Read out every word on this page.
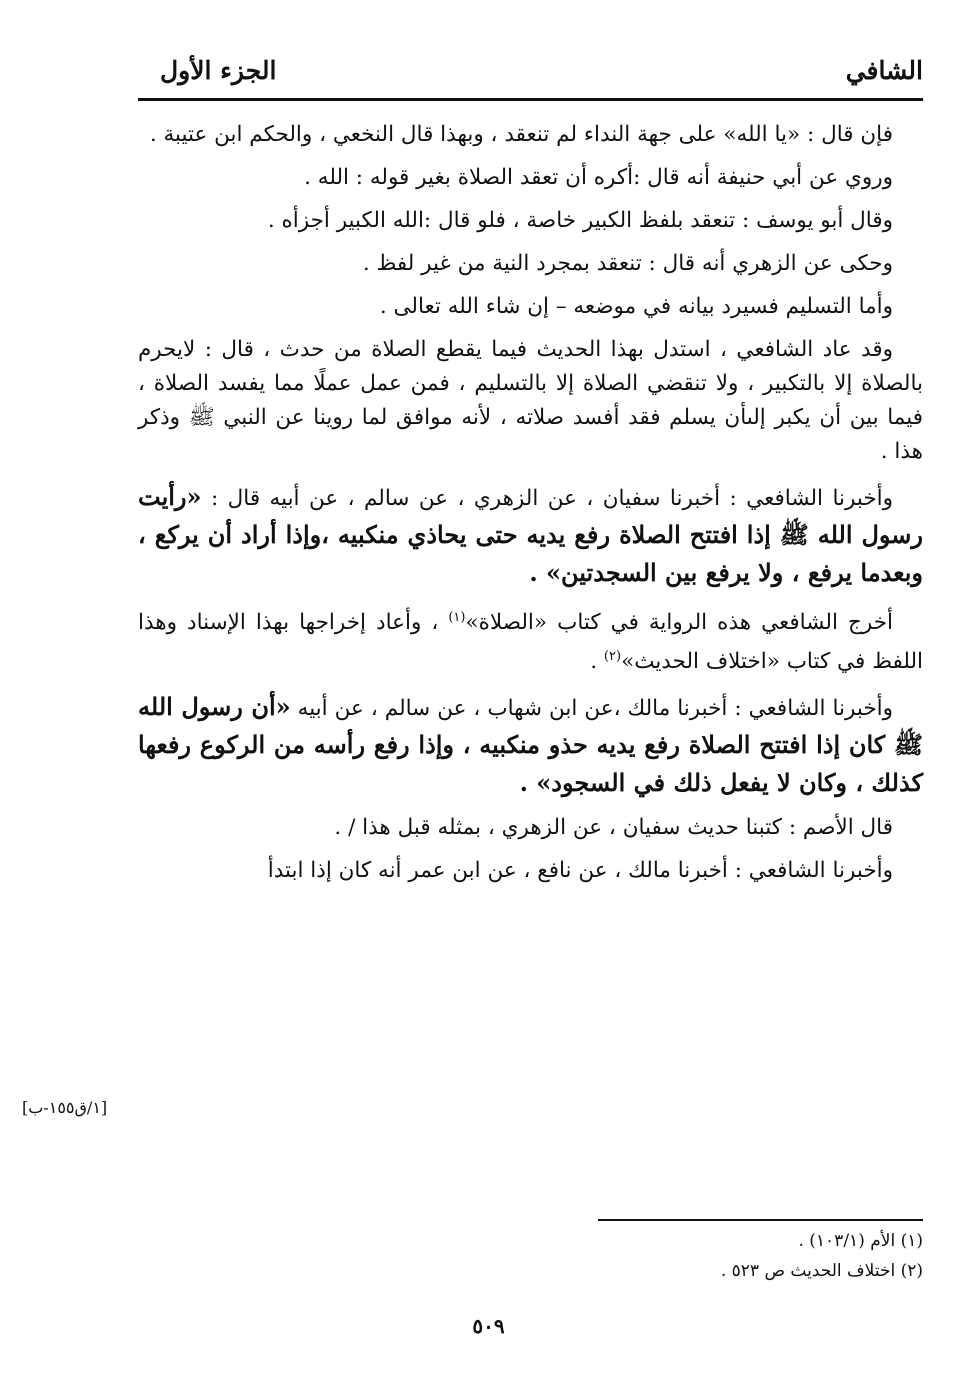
الشافي
الجزء الأول

فإن قال : «يا الله» على جهة النداء لم تنعقد ، وبهذا قال النخعي ، والحكم ابن عتيبة .

وروي عن أبي حنيفة أنه قال :أكره أن تعقد الصلاة بغير قوله : الله .

وقال أبو يوسف : تنعقد بلفظ الكبير خاصة ، فلو قال :الله الكبير أجزأه .

وحكى عن الزهري أنه قال : تنعقد بمجرد النية من غير لفظ .

وأما التسليم فسيرد بيانه في موضعه – إن شاء الله تعالى .

وقد عاد الشافعي ، استدل بهذا الحديث فيما يقطع الصلاة من حدث ، قال : لايحرم بالصلاة إلا بالتكبير ، ولا تنقضي الصلاة إلا بالتسليم ، فمن عمل عملًا مما يفسد الصلاة ، فيما بين أن يكبر إلىأن يسلم فقد أفسد صلاته ، لأنه موافق لما روينا عن النبي ﷺ وذكر هذا .

وأخبرنا الشافعي : أخبرنا سفيان ، عن الزهري ، عن سالم ، عن أبيه قال : «رأيت رسول الله ﷺ إذا افتتح الصلاة رفع يديه حتى يحاذي منكبيه ،وإذا أراد أن يركع ، وبعدما يرفع ، ولا يرفع بين السجدتين» .

أخرج الشافعي هذه الرواية في كتاب «الصلاة»$^{(١)}$ ، وأعاد إخراجها بهذا الإسناد وهذا اللفظ في كتاب «اختلاف الحديث»$^{(٢)}$ .

وأخبرنا الشافعي : أخبرنا مالك ،عن ابن شهاب ، عن سالم ، عن أبيه «أن رسول الله ﷺ كان إذا افتتح الصلاة رفع يديه حذو منكبيه ، وإذا رفع رأسه من الركوع رفعها كذلك ، وكان لا يفعل ذلك في السجود» .

قال الأصم : كتبنا حديث سفيان ، عن الزهري ، بمثله قبل هذا / .

وأخبرنا الشافعي : أخبرنا مالك ، عن نافع ، عن ابن عمر أنه كان إذا ابتدأ

[١/ق١٥٥-ب]
(١) الأم (١٠٣/١) .
(٢) اختلاف الحديث ص ٥٢٣ .
٥٠٩
